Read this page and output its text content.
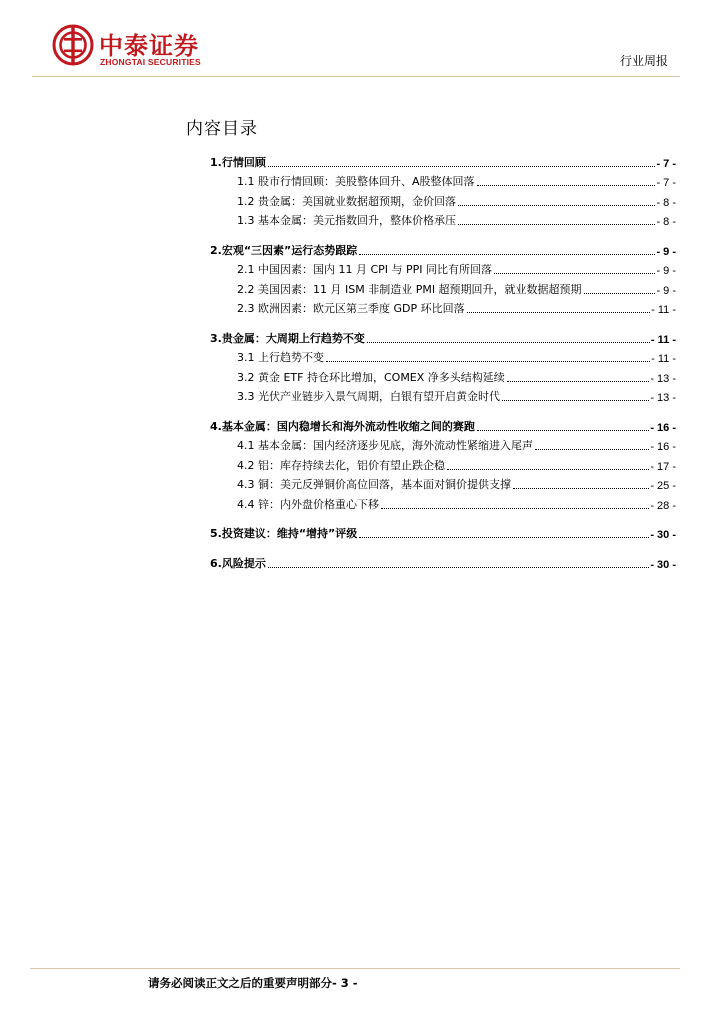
中泰证券
ZHONGTAI SECURITIES	行业周报
内容目录
1.行情回顾	- 7 -
1.1 股市行情回顾：美股整体回升、A股整体回落	- 7 -
1.2 贵金属：美国就业数据超预期，金价回落	- 8 -
1.3 基本金属：美元指数回升，整体价格承压	- 8 -
2.宏观“三因素”运行态势跟踪	- 9 -
2.1 中国因素：国内 11 月 CPI 与 PPI 同比有所回落	- 9 -
2.2 美国因素：11 月 ISM 非制造业 PMI 超预期回升，就业数据超预期	- 9 -
2.3 欧洲因素：欧元区第三季度 GDP 环比回落	- 11 -
3.贵金属：大周期上行趋势不变	- 11 -
3.1 上行趋势不变	- 11 -
3.2 黄金 ETF 持仓环比增加，COMEX 净多头结构延续	- 13 -
3.3 光伏产业链步入景气周期，白银有望开启黄金时代	- 13 -
4.基本金属：国内稳增长和海外流动性收缩之间的赛跑	- 16 -
4.1 基本金属：国内经济逐步见底，海外流动性紧缩进入尾声	- 16 -
4.2 铝：库存持续去化，铝价有望止跌企稳	- 17 -
4.3 铜：美元反弹铜价高位回落，基本面对铜价提供支撑	- 25 -
4.4 锌：内外盘价格重心下移	- 28 -
5.投资建议：维持“增持”评级	- 30 -
6.风险提示	- 30 -
请务必阅读正文之后的重要声明部分- 3 -
